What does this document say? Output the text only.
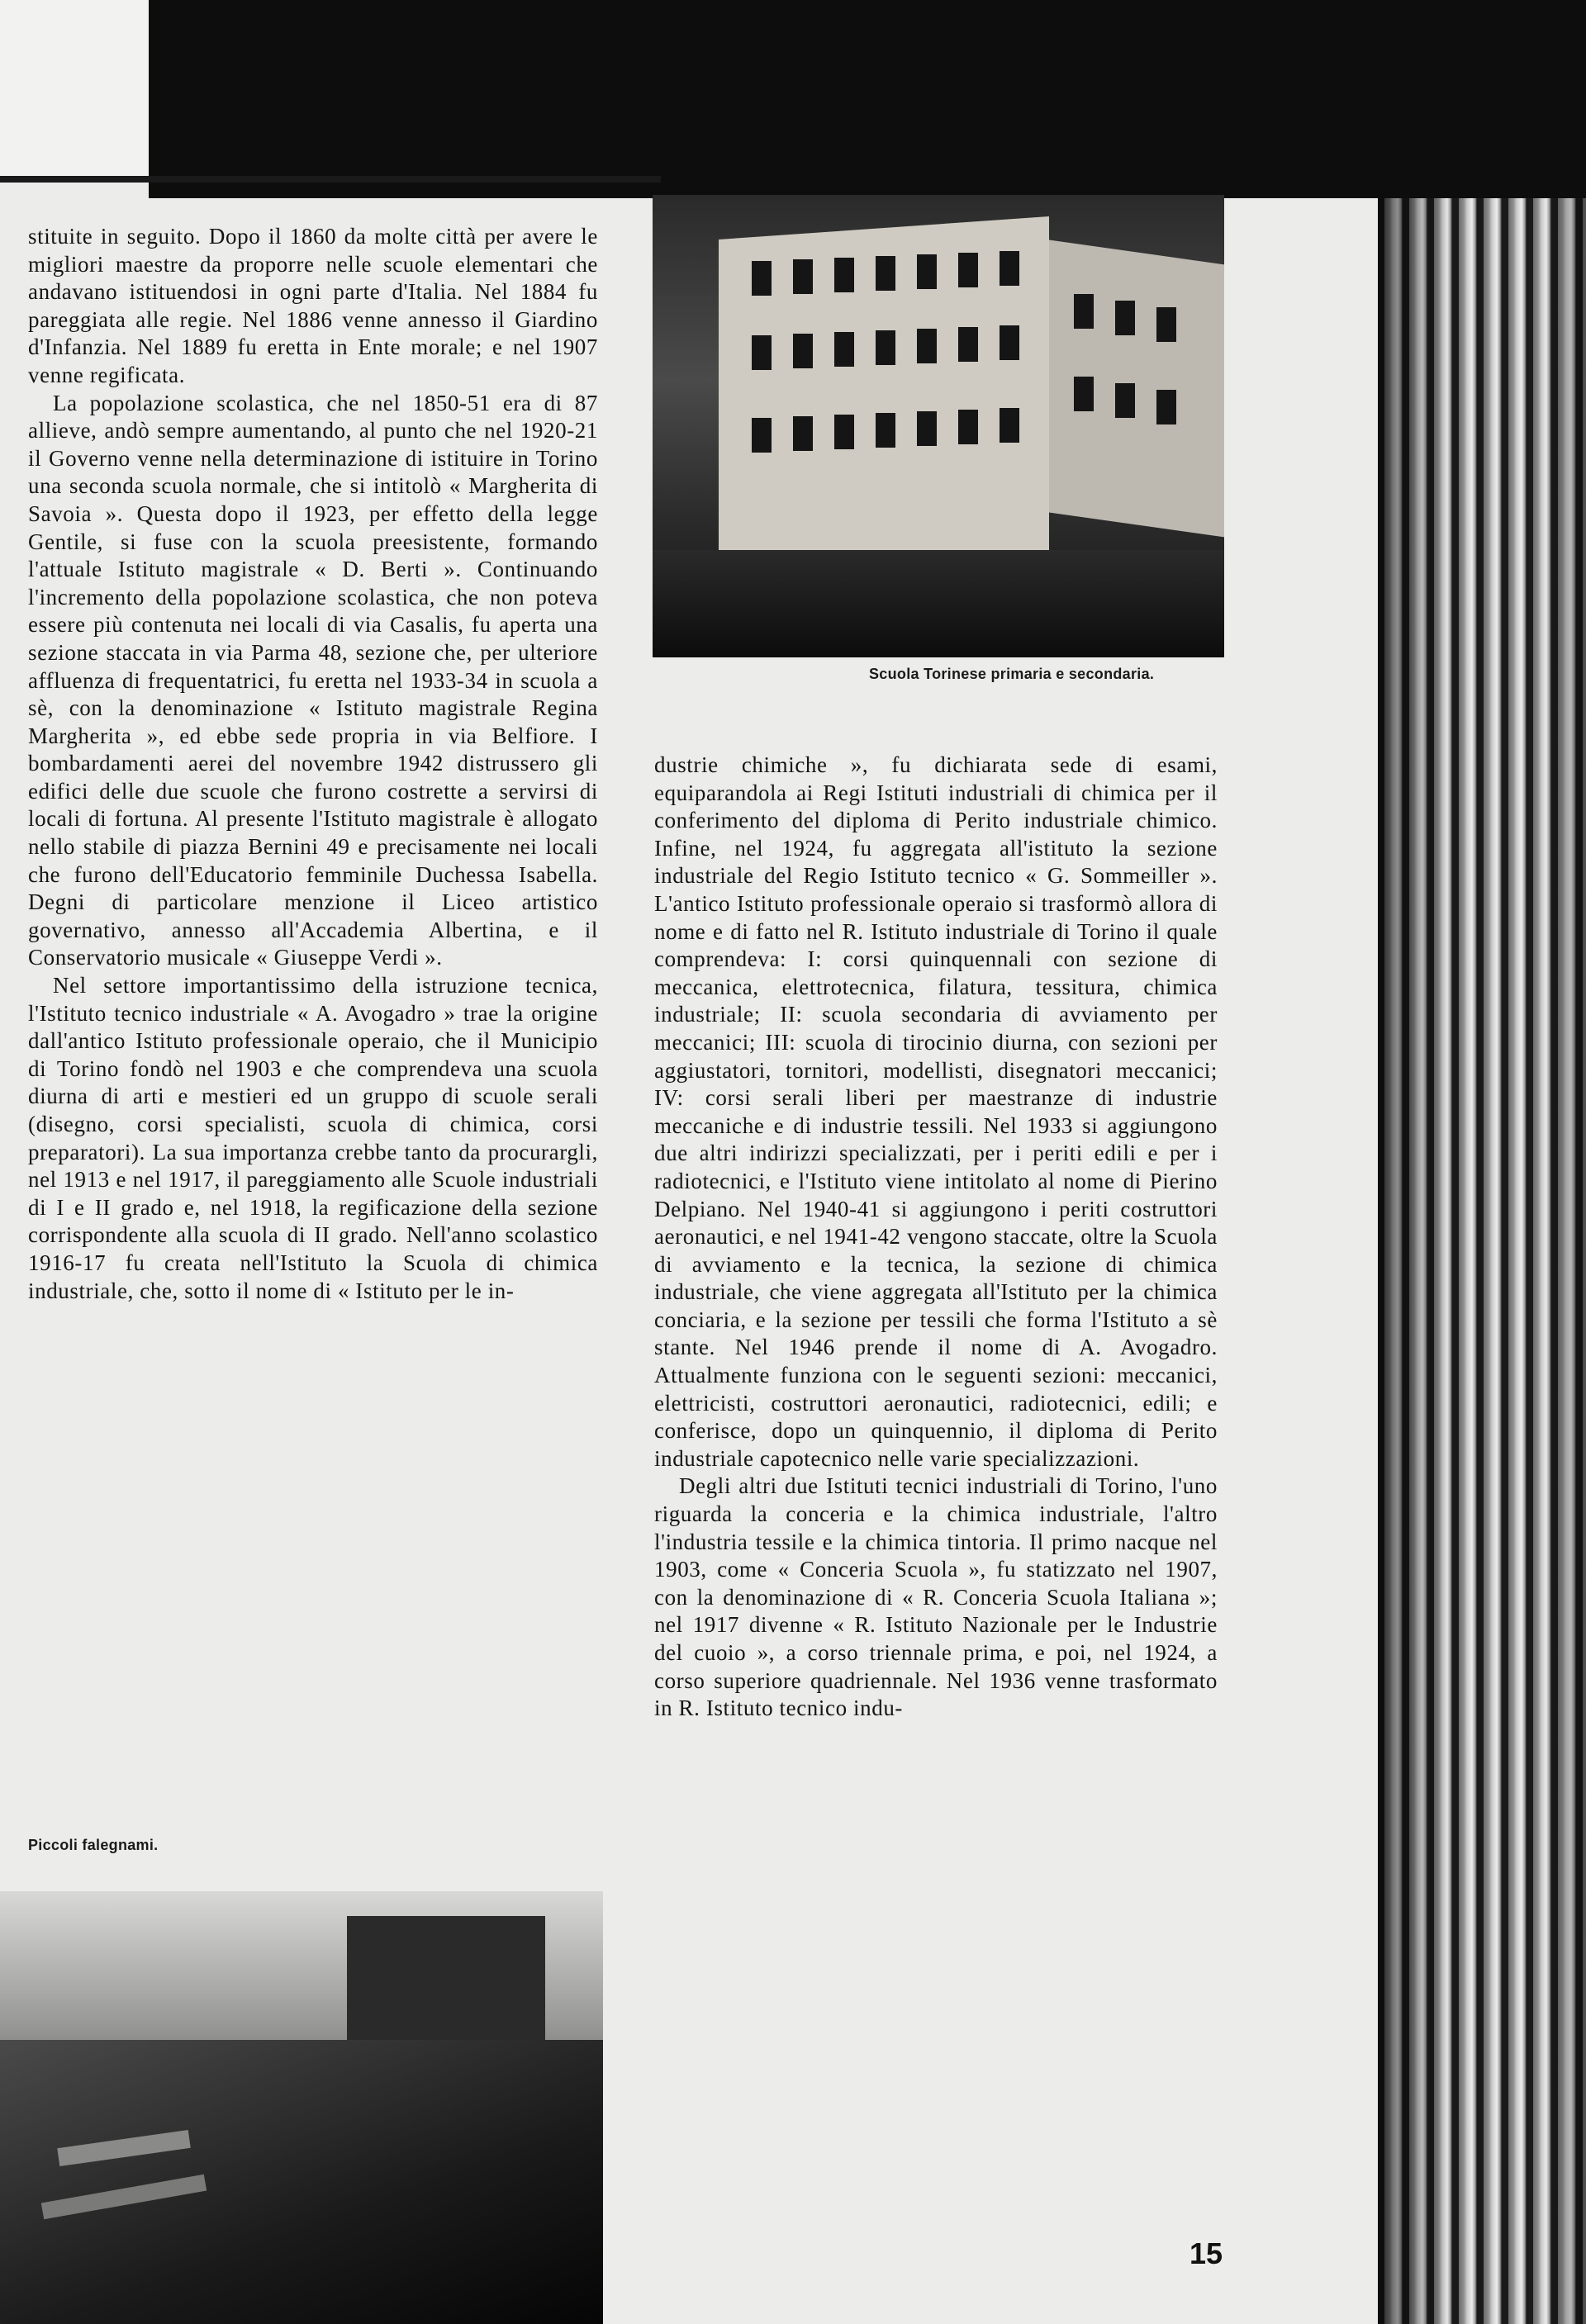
stituite in seguito. Dopo il 1860 da molte città per avere le migliori maestre da proporre nelle scuole elementari che andavano istituendosi in ogni parte d'Italia. Nel 1884 fu pareggiata alle regie. Nel 1886 venne annesso il Giardino d'Infanzia. Nel 1889 fu eretta in Ente morale; e nel 1907 venne regificata.

La popolazione scolastica, che nel 1850-51 era di 87 allieve, andò sempre aumentando, al punto che nel 1920-21 il Governo venne nella determinazione di istituire in Torino una seconda scuola normale, che si intitolò « Margherita di Savoia ». Questa dopo il 1923, per effetto della legge Gentile, si fuse con la scuola preesistente, formando l'attuale Istituto magistrale « D. Berti ». Continuando l'incremento della popolazione scolastica, che non poteva essere più contenuta nei locali di via Casalis, fu aperta una sezione staccata in via Parma 48, sezione che, per ulteriore affluenza di frequentatrici, fu eretta nel 1933-34 in scuola a sè, con la denominazione « Istituto magistrale Regina Margherita », ed ebbe sede propria in via Belfiore. I bombardamenti aerei del novembre 1942 distrussero gli edifici delle due scuole che furono costrette a servirsi di locali di fortuna. Al presente l'Istituto magistrale è allogato nello stabile di piazza Bernini 49 e precisamente nei locali che furono dell'Educatorio femminile Duchessa Isabella. Degni di particolare menzione il Liceo artistico governativo, annesso all'Accademia Albertina, e il Conservatorio musicale « Giuseppe Verdi ».

Nel settore importantissimo della istruzione tecnica, l'Istituto tecnico industriale « A. Avogadro » trae la origine dall'antico Istituto professionale operaio, che il Municipio di Torino fondò nel 1903 e che comprendeva una scuola diurna di arti e mestieri ed un gruppo di scuole serali (disegno, corsi specialisti, scuola di chimica, corsi preparatori). La sua importanza crebbe tanto da procurargli, nel 1913 e nel 1917, il pareggiamento alle Scuole industriali di I e II grado e, nel 1918, la regificazione della sezione corrispondente alla scuola di II grado. Nell'anno scolastico 1916-17 fu creata nell'Istituto la Scuola di chimica industriale, che, sotto il nome di « Istituto per le in-

Scuola Torinese primaria e secondaria.

dustrie chimiche », fu dichiarata sede di esami, equiparandola ai Regi Istituti industriali di chimica per il conferimento del diploma di Perito industriale chimico. Infine, nel 1924, fu aggregata all'istituto la sezione industriale del Regio Istituto tecnico « G. Sommeiller ». L'antico Istituto professionale operaio si trasformò allora di nome e di fatto nel R. Istituto industriale di Torino il quale comprendeva: I: corsi quinquennali con sezione di meccanica, elettrotecnica, filatura, tessitura, chimica industriale; II: scuola secondaria di avviamento per meccanici; III: scuola di tirocinio diurna, con sezioni per aggiustatori, tornitori, modellisti, disegnatori meccanici; IV: corsi serali liberi per maestranze di industrie meccaniche e di industrie tessili. Nel 1933 si aggiungono due altri indirizzi specializzati, per i periti edili e per i radiotecnici, e l'Istituto viene intitolato al nome di Pierino Delpiano. Nel 1940-41 si aggiungono i periti costruttori aeronautici, e nel 1941-42 vengono staccate, oltre la Scuola di avviamento e la tecnica, la sezione di chimica industriale, che viene aggregata all'Istituto per la chimica conciaria, e la sezione per tessili che forma l'Istituto a sè stante. Nel 1946 prende il nome di A. Avogadro. Attualmente funziona con le seguenti sezioni: meccanici, elettricisti, costruttori aeronautici, radiotecnici, edili; e conferisce, dopo un quinquennio, il diploma di Perito industriale capotecnico nelle varie specializzazioni.

Degli altri due Istituti tecnici industriali di Torino, l'uno riguarda la conceria e la chimica industriale, l'altro l'industria tessile e la chimica tintoria. Il primo nacque nel 1903, come « Conceria Scuola », fu statizzato nel 1907, con la denominazione di « R. Conceria Scuola Italiana »; nel 1917 divenne « R. Istituto Nazionale per le Industrie del cuoio », a corso triennale prima, e poi, nel 1924, a corso superiore quadriennale. Nel 1936 venne trasformato in R. Istituto tecnico indu-

Piccoli falegnami.
15
